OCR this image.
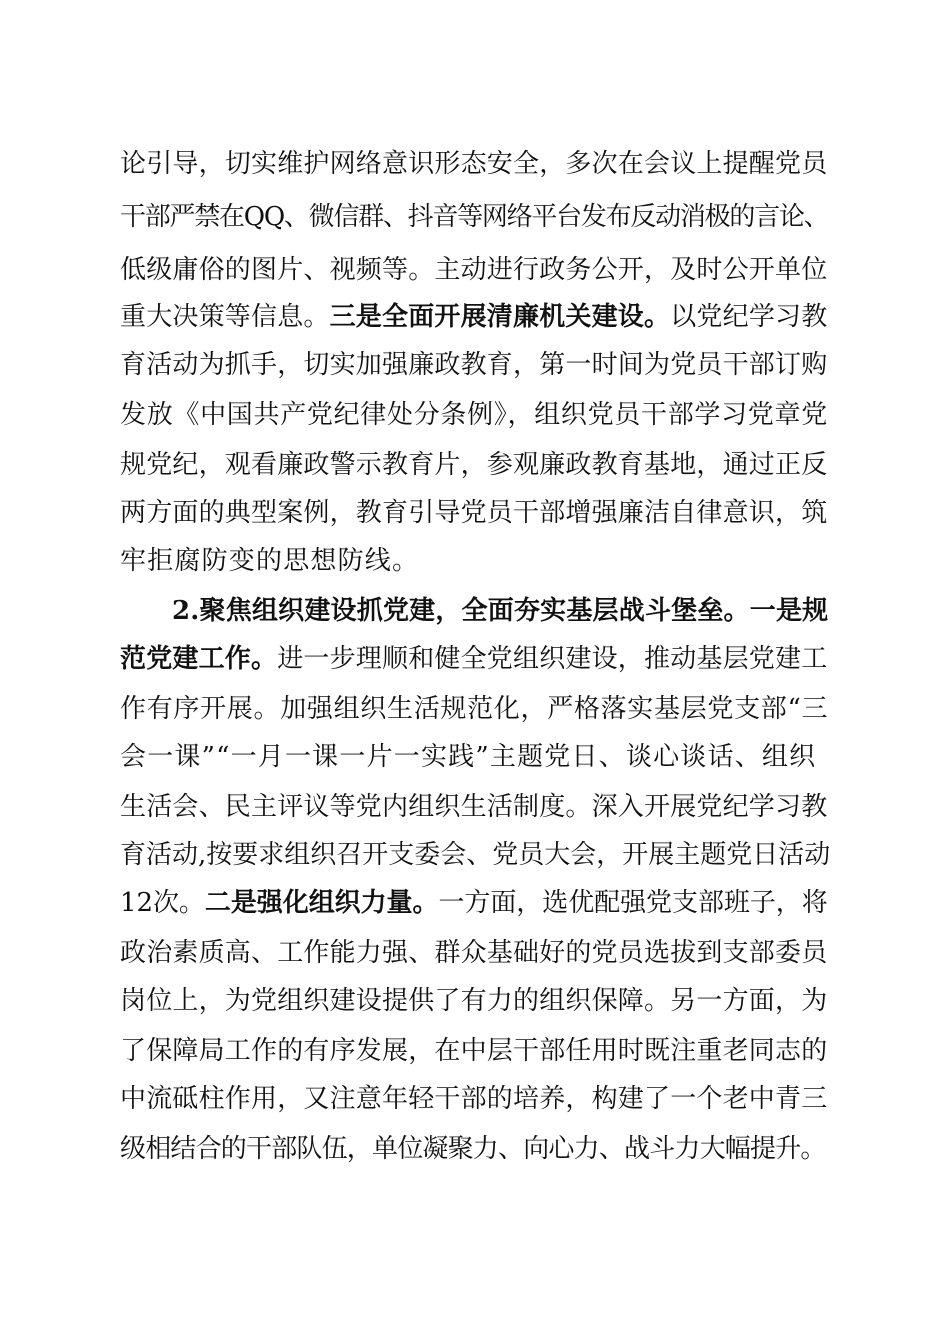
论引导，切实维护网络意识形态安全，多次在会议上提醒党员
干部严禁在QQ、微信群、抖音等网络平台发布反动消极的言论、
低级庸俗的图片、视频等。主动进行政务公开，及时公开单位
重大决策等信息。三是全面开展清廉机关建设。以党纪学习教
育活动为抓手，切实加强廉政教育，第一时间为党员干部订购
发放《中国共产党纪律处分条例》，组织党员干部学习党章党
规党纪，观看廉政警示教育片，参观廉政教育基地，通过正反
两方面的典型案例，教育引导党员干部增强廉洁自律意识，筑
牢拒腐防变的思想防线。
2.聚焦组织建设抓党建，全面夯实基层战斗堡垒。一是规
范党建工作。进一步理顺和健全党组织建设，推动基层党建工
作有序开展。加强组织生活规范化，严格落实基层党支部“三
会一课”“一月一课一片一实践”主题党日、谈心谈话、组织
生活会、民主评议等党内组织生活制度。深入开展党纪学习教
育活动,按要求组织召开支委会、党员大会，开展主题党日活动
12次。二是强化组织力量。一方面，选优配强党支部班子，将
政治素质高、工作能力强、群众基础好的党员选拔到支部委员
岗位上，为党组织建设提供了有力的组织保障。另一方面，为
了保障局工作的有序发展，在中层干部任用时既注重老同志的
中流砥柱作用，又注意年轻干部的培养，构建了一个老中青三
级相结合的干部队伍，单位凝聚力、向心力、战斗力大幅提升。
